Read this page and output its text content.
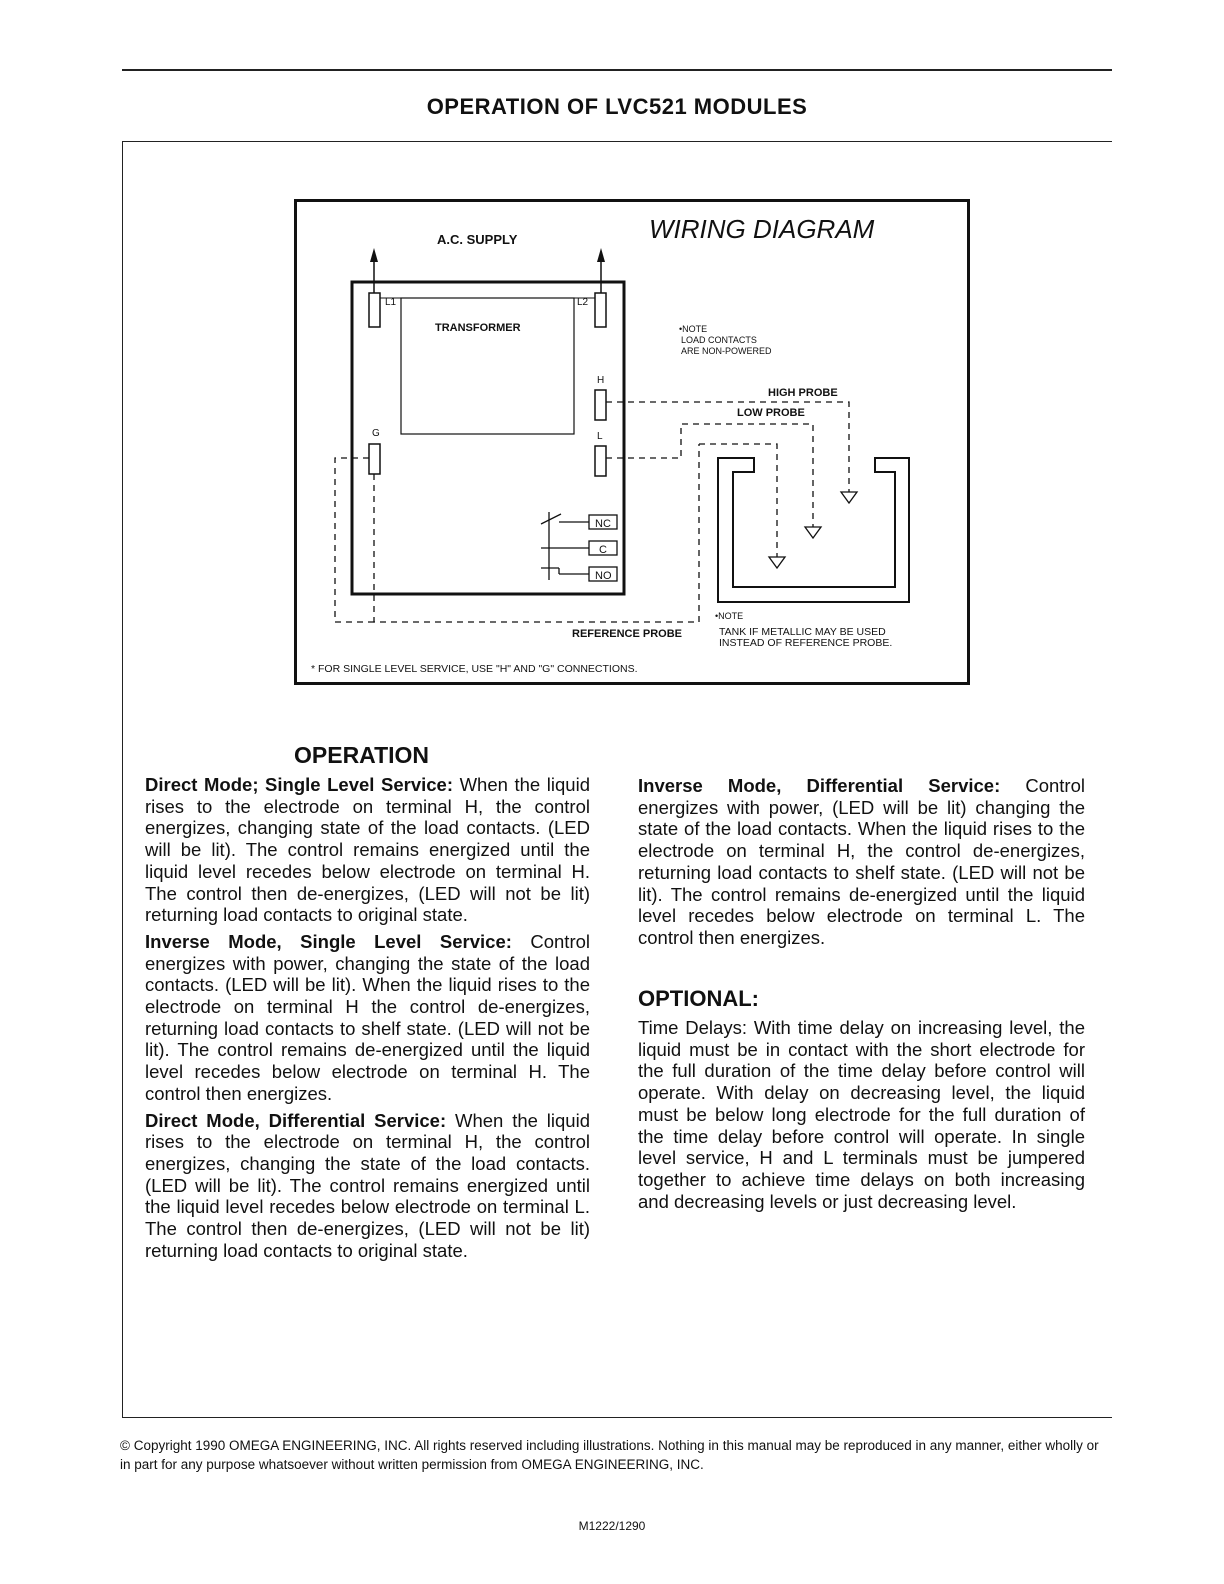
OPERATION OF LVC521 MODULES
WIRING DIAGRAM
A.C. SUPPLY
L1	L2
TRANSFORMER
H
L
G
NC
C
NO
•NOTE
LOAD CONTACTS
ARE NON-POWERED
HIGH PROBE
LOW PROBE
REFERENCE PROBE
•NOTE
TANK IF METALLIC MAY BE USED
INSTEAD OF REFERENCE PROBE.
* FOR SINGLE LEVEL SERVICE, USE "H" AND "G" CONNECTIONS.
OPERATION

Direct Mode; Single Level Service: When the liquid rises to the electrode on terminal H, the control energizes, changing state of the load contacts. (LED will be lit). The control remains energized until the liquid level recedes below electrode on terminal H. The control then de-energizes, (LED will not be lit) returning load contacts to original state.

Inverse Mode, Single Level Service: Control energizes with power, changing the state of the load contacts. (LED will be lit). When the liquid rises to the electrode on terminal H the control de-energizes, returning load contacts to shelf state. (LED will not be lit). The control remains de-energized until the liquid level recedes below electrode on terminal H. The control then energizes.

Direct Mode, Differential Service: When the liquid rises to the electrode on terminal H, the control energizes, changing the state of the load contacts. (LED will be lit). The control remains energized until the liquid level recedes below electrode on terminal L. The control then de-energizes, (LED will not be lit) returning load contacts to original state.

Inverse Mode, Differential Service: Control energizes with power, (LED will be lit) changing the state of the load contacts. When the liquid rises to the electrode on terminal H, the control de-energizes, returning load contacts to shelf state. (LED will not be lit). The control remains de-energized until the liquid level recedes below electrode on terminal L. The control then energizes.

OPTIONAL:
Time Delays: With time delay on increasing level, the liquid must be in contact with the short electrode for the full duration of the time delay before control will operate. With delay on decreasing level, the liquid must be below long electrode for the full duration of the time delay before control will operate. In single level service, H and L terminals must be jumpered together to achieve time delays on both increasing and decreasing levels or just decreasing level.
© Copyright 1990 OMEGA ENGINEERING, INC. All rights reserved including illustrations. Nothing in this manual may be reproduced in any manner, either wholly or in part for any purpose whatsoever without written permission from OMEGA ENGINEERING, INC.
M1222/1290
